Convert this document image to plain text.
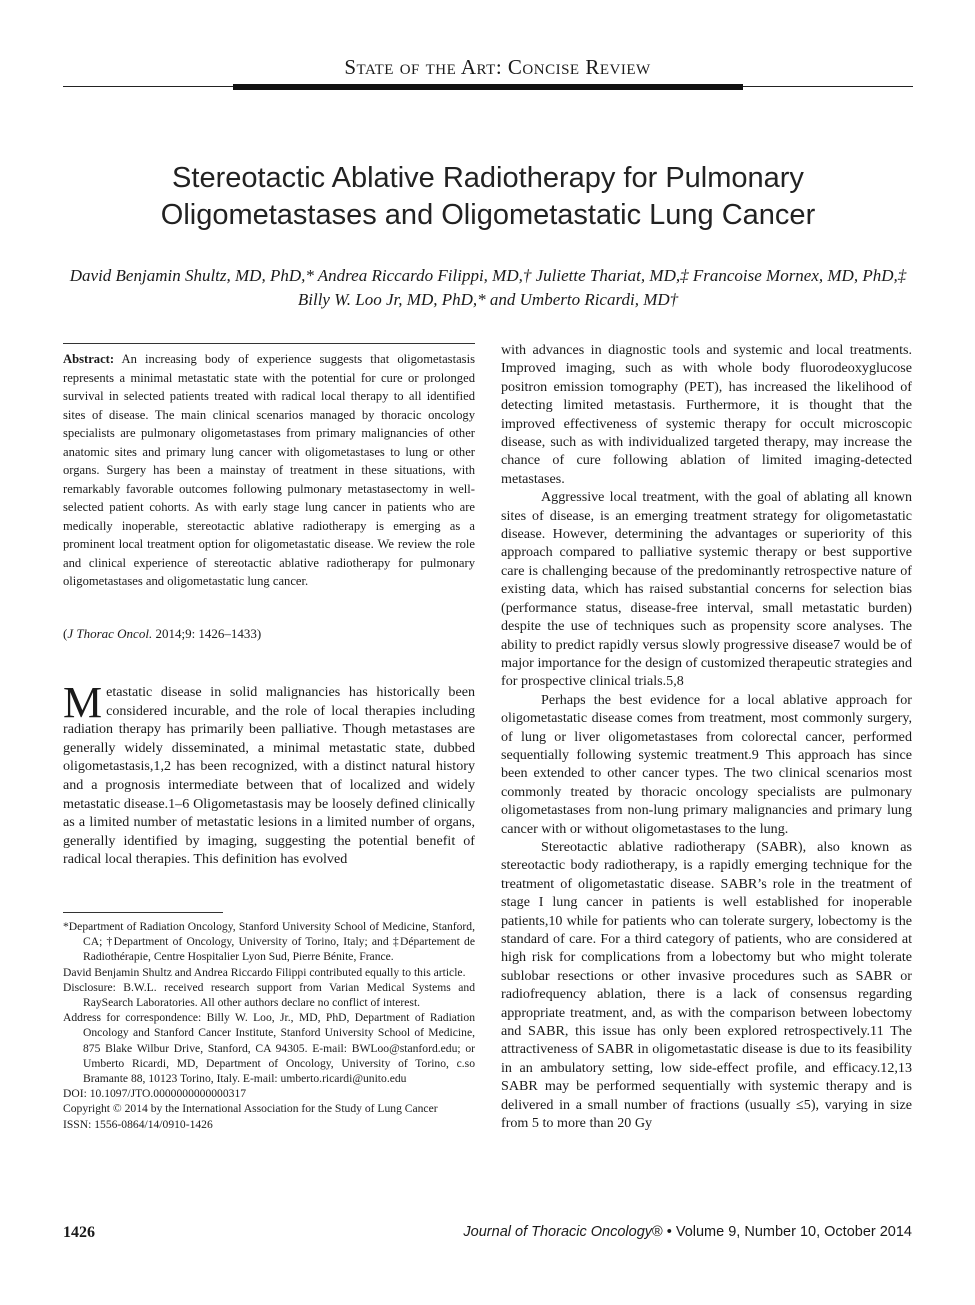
State of the Art: Concise Review
Stereotactic Ablative Radiotherapy for Pulmonary Oligometastases and Oligometastatic Lung Cancer
David Benjamin Shultz, MD, PhD,* Andrea Riccardo Filippi, MD,† Juliette Thariat, MD,‡ Francoise Mornex, MD, PhD,‡ Billy W. Loo Jr, MD, PhD,* and Umberto Ricardi, MD†
Abstract: An increasing body of experience suggests that oligometastasis represents a minimal metastatic state with the potential for cure or prolonged survival in selected patients treated with radical local therapy to all identified sites of disease. The main clinical scenarios managed by thoracic oncology specialists are pulmonary oligometastases from primary malignancies of other anatomic sites and primary lung cancer with oligometastases to lung or other organs. Surgery has been a mainstay of treatment in these situations, with remarkably favorable outcomes following pulmonary metastasectomy in well-selected patient cohorts. As with early stage lung cancer in patients who are medically inoperable, stereotactic ablative radiotherapy is emerging as a prominent local treatment option for oligometastatic disease. We review the role and clinical experience of stereotactic ablative radiotherapy for pulmonary oligometastases and oligometastatic lung cancer.
(J Thorac Oncol. 2014;9: 1426–1433)
Metastatic disease in solid malignancies has historically been considered incurable, and the role of local therapies including radiation therapy has primarily been palliative. Though metastases are generally widely disseminated, a minimal metastatic state, dubbed oligometastasis,1,2 has been recognized, with a distinct natural history and a prognosis intermediate between that of localized and widely metastatic disease.1–6 Oligometastasis may be loosely defined clinically as a limited number of metastatic lesions in a limited number of organs, generally identified by imaging, suggesting the potential benefit of radical local therapies. This definition has evolved

*Department of Radiation Oncology, Stanford University School of Medicine, Stanford, CA; †Department of Oncology, University of Torino, Italy; and ‡Département de Radiothérapie, Centre Hospitalier Lyon Sud, Pierre Bénite, France.

David Benjamin Shultz and Andrea Riccardo Filippi contributed equally to this article.

Disclosure: B.W.L. received research support from Varian Medical Systems and RaySearch Laboratories. All other authors declare no conflict of interest.

Address for correspondence: Billy W. Loo, Jr., MD, PhD, Department of Radiation Oncology and Stanford Cancer Institute, Stanford University School of Medicine, 875 Blake Wilbur Drive, Stanford, CA 94305. E-mail: BWLoo@stanford.edu; or Umberto Ricardi, MD, Department of Oncology, University of Torino, c.so Bramante 88, 10123 Torino, Italy. E-mail: umberto.ricardi@unito.edu

DOI: 10.1097/JTO.0000000000000317

Copyright © 2014 by the International Association for the Study of Lung Cancer

ISSN: 1556-0864/14/0910-1426

with advances in diagnostic tools and systemic and local treatments. Improved imaging, such as with whole body fluorodeoxyglucose positron emission tomography (PET), has increased the likelihood of detecting limited metastasis. Furthermore, it is thought that the improved effectiveness of systemic therapy for occult microscopic disease, such as with individualized targeted therapy, may increase the chance of cure following ablation of limited imaging-detected metastases.

Aggressive local treatment, with the goal of ablating all known sites of disease, is an emerging treatment strategy for oligometastatic disease. However, determining the advantages or superiority of this approach compared to palliative systemic therapy or best supportive care is challenging because of the predominantly retrospective nature of existing data, which has raised substantial concerns for selection bias (performance status, disease-free interval, small metastatic burden) despite the use of techniques such as propensity score analyses. The ability to predict rapidly versus slowly progressive disease7 would be of major importance for the design of customized therapeutic strategies and for prospective clinical trials.5,8

Perhaps the best evidence for a local ablative approach for oligometastatic disease comes from treatment, most commonly surgery, of lung or liver oligometastases from colorectal cancer, performed sequentially following systemic treatment.9 This approach has since been extended to other cancer types. The two clinical scenarios most commonly treated by thoracic oncology specialists are pulmonary oligometastases from non-lung primary malignancies and primary lung cancer with or without oligometastases to the lung.

Stereotactic ablative radiotherapy (SABR), also known as stereotactic body radiotherapy, is a rapidly emerging technique for the treatment of oligometastatic disease. SABR’s role in the treatment of stage I lung cancer in patients is well established for inoperable patients,10 while for patients who can tolerate surgery, lobectomy is the standard of care. For a third category of patients, who are considered at high risk for complications from a lobectomy but who might tolerate sublobar resections or other invasive procedures such as SABR or radiofrequency ablation, there is a lack of consensus regarding appropriate treatment, and, as with the comparison between lobectomy and SABR, this issue has only been explored retrospectively.11 The attractiveness of SABR in oligometastatic disease is due to its feasibility in an ambulatory setting, low side-effect profile, and efficacy.12,13 SABR may be performed sequentially with systemic therapy and is delivered in a small number of fractions (usually ≤5), varying in size from 5 to more than 20 Gy

1426	Journal of Thoracic Oncology® • Volume 9, Number 10, October 2014
